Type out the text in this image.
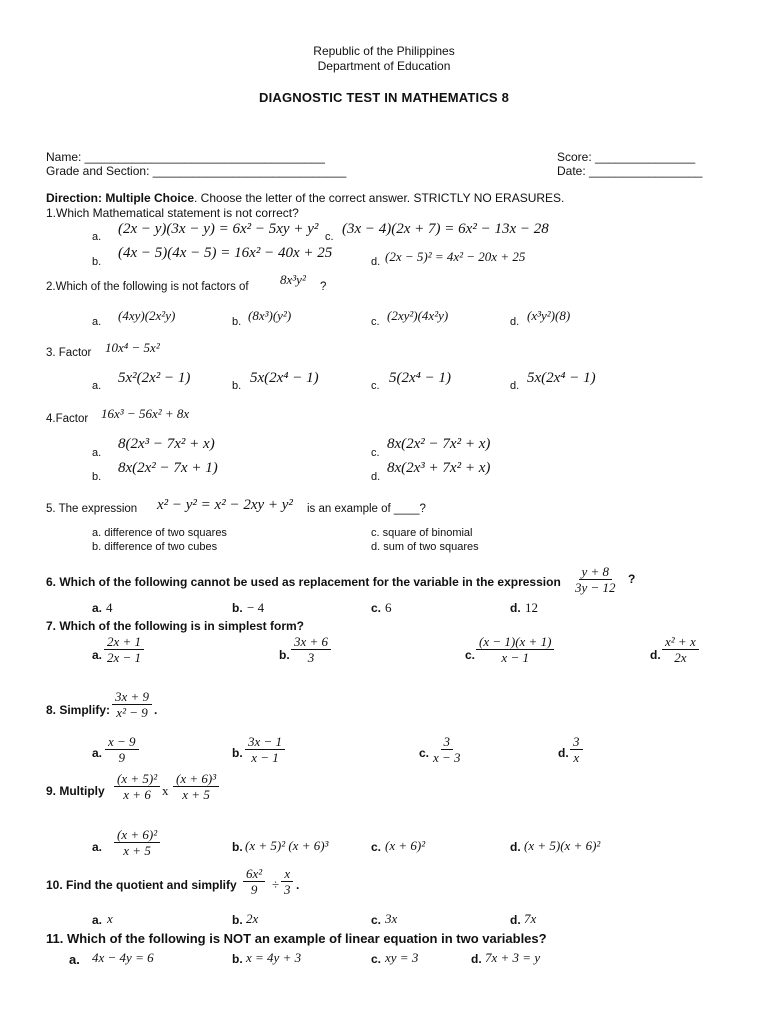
Republic of the Philippines
Department of Education
DIAGNOSTIC TEST IN MATHEMATICS 8
Name: ____________________________________
Grade and Section: _____________________________
Score: _______________
Date: _________________
Direction: Multiple Choice. Choose the letter of the correct answer. STRICTLY NO ERASURES.
1.Which Mathematical statement is not correct?
a. (2x − y)(3x − y) = 6x² − 5xy + y² c. (3x − 4)(2x + 7) = 6x² − 13x − 28
b.
(4x − 5)(4x − 5) = 16x² − 40x + 25
d. (2x − 5)² = 4x² − 20x + 25
2.Which of the following is not factors of 8x³y² ?
a. (4xy)(2x²y)	b. (8x³)(y²)	c. (2xy²)(4x²y)	d. (x³y²)(8)
3. Factor 10x⁴ − 5x²
a. 5x²(2x² − 1)	b. 5x(2x⁴ − 1)	c. 5(2x⁴ − 1)	d. 5x(2x⁴ − 1)
4.Factor 16x³ − 56x² + 8x
a.
8(2x³ − 7x² + x)
c.
8x(2x² − 7x² + x)
b.
8x(2x² − 7x + 1)
d.
8x(2x³ + 7x² + x)
5. The expression x² − y² = x² − 2xy + y² is an example of ____?
a. difference of two squares	c. square of binomial
b. difference of two cubes	d. sum of two squares
6. Which of the following cannot be used as replacement for the variable in the expression $\frac{y + 8}{3y - 12}$ ?
a. 4	b. − 4	c. 6	d. 12
7. Which of the following is in simplest form?
a. $\frac{2x + 1}{2x - 1}$	b. $\frac{3x + 6}{3}$	c. $\frac{(x - 1)(x + 1)}{x - 1}$	d. $\frac{\text{x² + x}}{2x}$
8. Simplify: $\frac{3x + 9}{\text{x² − 9}}$ .
a. $\frac{x - 9}{9}$	b. $\frac{3x - 1}{x - 1}$	c. $\frac{3}{x - 3}$	d. $\frac{3}{x}$
9. Multiply $\frac{\text{(x + 5)²}}{x + 6}$ x $\frac{\text{(x + 6)³}}{x + 5}$
a. $\frac{\text{(x + 6)²}}{x + 5}$	b. (x + 5)² (x + 6)³	c. (x + 6)²	d. (x + 5)(x + 6)²
10. Find the quotient and simplify $\frac{\text{6x²}}{9} \div \frac{x}{3}$ .
a. x	b. 2x	c. 3x	d. 7x
11. Which of the following is NOT an example of linear equation in two variables?
a. 4x − 4y = 6	b. x = 4y + 3	c. xy = 3	d. 7x + 3 = y
